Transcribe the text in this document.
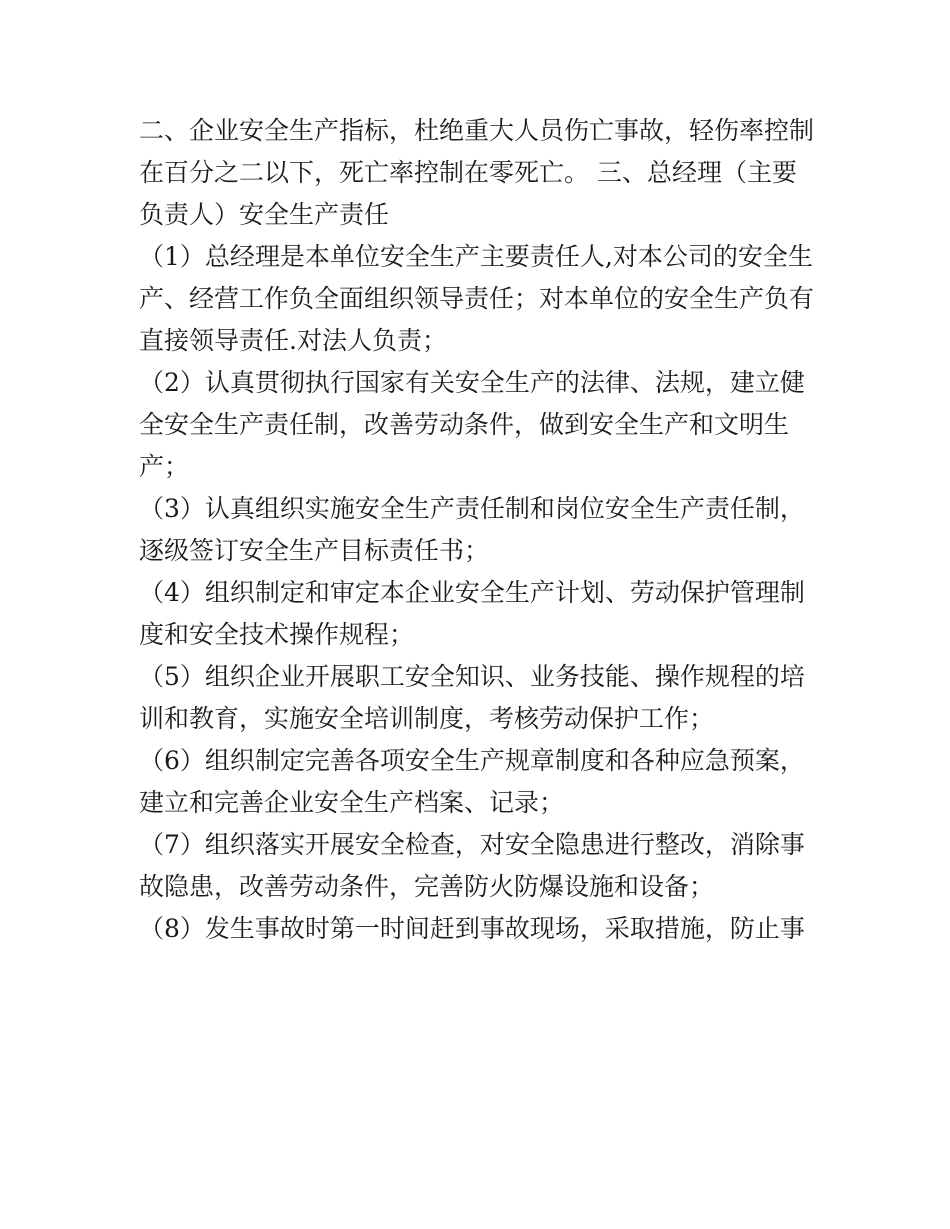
二、企业安全生产指标，杜绝重大人员伤亡事故，轻伤率控制
在百分之二以下，死亡率控制在零死亡。 三、总经理（主要
负责人）安全生产责任
（1）总经理是本单位安全生产主要责任人,对本公司的安全生
产、经营工作负全面组织领导责任；对本单位的安全生产负有
直接领导责任.对法人负责；
（2）认真贯彻执行国家有关安全生产的法律、法规，建立健
全安全生产责任制，改善劳动条件，做到安全生产和文明生
产；
（3）认真组织实施安全生产责任制和岗位安全生产责任制，
逐级签订安全生产目标责任书；
（4）组织制定和审定本企业安全生产计划、劳动保护管理制
度和安全技术操作规程；
（5）组织企业开展职工安全知识、业务技能、操作规程的培
训和教育，实施安全培训制度，考核劳动保护工作；
（6）组织制定完善各项安全生产规章制度和各种应急预案，
建立和完善企业安全生产档案、记录；
（7）组织落实开展安全检查，对安全隐患进行整改，消除事
故隐患，改善劳动条件，完善防火防爆设施和设备；
（8）发生事故时第一时间赶到事故现场，采取措施，防止事
